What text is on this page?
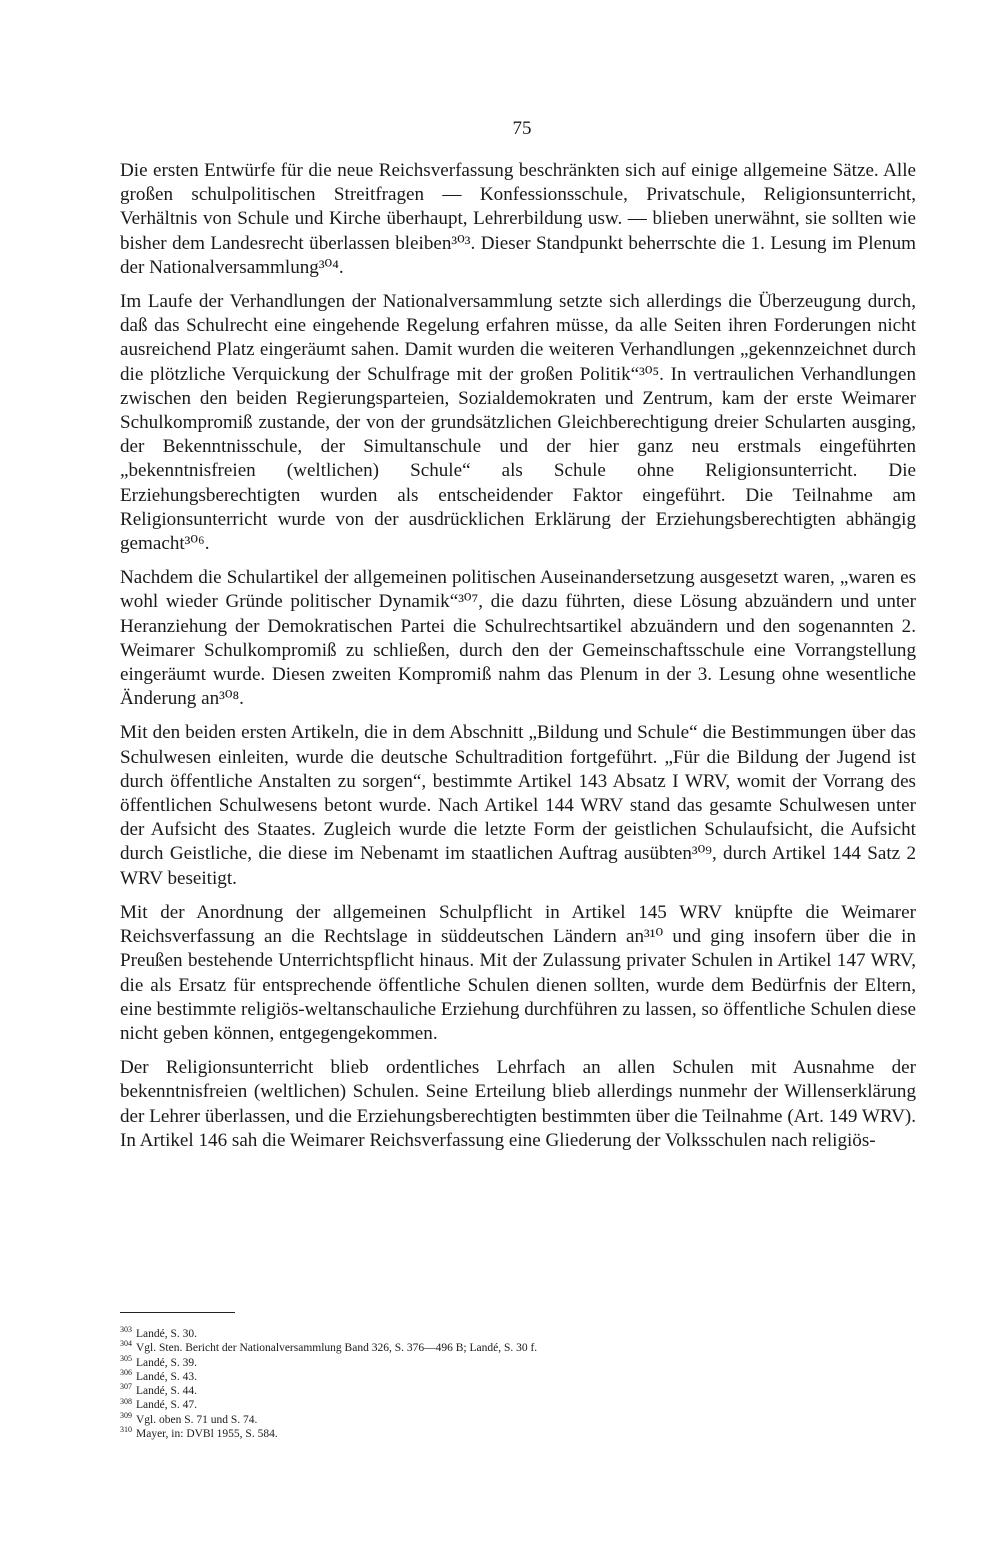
75

Die ersten Entwürfe für die neue Reichsverfassung beschränkten sich auf einige allgemeine Sätze. Alle großen schulpolitischen Streitfragen — Konfessionsschule, Privatschule, Religionsunterricht, Verhältnis von Schule und Kirche überhaupt, Lehrerbildung usw. — blieben unerwähnt, sie sollten wie bisher dem Landesrecht überlassen bleiben³⁰³. Dieser Standpunkt beherrschte die 1. Lesung im Plenum der Nationalversammlung³⁰⁴.

Im Laufe der Verhandlungen der Nationalversammlung setzte sich allerdings die Überzeugung durch, daß das Schulrecht eine eingehende Regelung erfahren müsse, da alle Seiten ihren Forderungen nicht ausreichend Platz eingeräumt sahen. Damit wurden die weiteren Verhandlungen „gekennzeichnet durch die plötzliche Verquickung der Schulfrage mit der großen Politik“³⁰⁵. In vertraulichen Verhandlungen zwischen den beiden Regierungsparteien, Sozialdemokraten und Zentrum, kam der erste Weimarer Schulkompromiß zustande, der von der grundsätzlichen Gleichberechtigung dreier Schularten ausging, der Bekenntnisschule, der Simultanschule und der hier ganz neu erstmals eingeführten „bekenntnisfreien (weltlichen) Schule“ als Schule ohne Religionsunterricht. Die Erziehungsberechtigten wurden als entscheidender Faktor eingeführt. Die Teilnahme am Religionsunterricht wurde von der ausdrücklichen Erklärung der Erziehungsberechtigten abhängig gemacht³⁰⁶.

Nachdem die Schulartikel der allgemeinen politischen Auseinandersetzung ausgesetzt waren, „waren es wohl wieder Gründe politischer Dynamik“³⁰⁷, die dazu führten, diese Lösung abzuändern und unter Heranziehung der Demokratischen Partei die Schulrechtsartikel abzuändern und den sogenannten 2. Weimarer Schulkompromiß zu schließen, durch den der Gemeinschaftsschule eine Vorrangstellung eingeräumt wurde. Diesen zweiten Kompromiß nahm das Plenum in der 3. Lesung ohne wesentliche Änderung an³⁰⁸.

Mit den beiden ersten Artikeln, die in dem Abschnitt „Bildung und Schule“ die Bestimmungen über das Schulwesen einleiten, wurde die deutsche Schultradition fortgeführt. „Für die Bildung der Jugend ist durch öffentliche Anstalten zu sorgen“, bestimmte Artikel 143 Absatz I WRV, womit der Vorrang des öffentlichen Schulwesens betont wurde. Nach Artikel 144 WRV stand das gesamte Schulwesen unter der Aufsicht des Staates. Zugleich wurde die letzte Form der geistlichen Schulaufsicht, die Aufsicht durch Geistliche, die diese im Nebenamt im staatlichen Auftrag ausübten³⁰⁹, durch Artikel 144 Satz 2 WRV beseitigt.

Mit der Anordnung der allgemeinen Schulpflicht in Artikel 145 WRV knüpfte die Weimarer Reichsverfassung an die Rechtslage in süddeutschen Ländern an³¹⁰ und ging insofern über die in Preußen bestehende Unterrichtspflicht hinaus. Mit der Zulassung privater Schulen in Artikel 147 WRV, die als Ersatz für entsprechende öffentliche Schulen dienen sollten, wurde dem Bedürfnis der Eltern, eine bestimmte religiös-weltanschauliche Erziehung durchführen zu lassen, so öffentliche Schulen diese nicht geben können, entgegengekommen.

Der Religionsunterricht blieb ordentliches Lehrfach an allen Schulen mit Ausnahme der bekenntnisfreien (weltlichen) Schulen. Seine Erteilung blieb allerdings nunmehr der Willenserklärung der Lehrer überlassen, und die Erziehungsberechtigten bestimmten über die Teilnahme (Art. 149 WRV). In Artikel 146 sah die Weimarer Reichsverfassung eine Gliederung der Volksschulen nach religiös-

$^{303}$ Landé, S. 30.
$^{304}$ Vgl. Sten. Bericht der Nationalversammlung Band 326, S. 376—496 B; Landé, S. 30 f.
$^{305}$ Landé, S. 39.
$^{306}$ Landé, S. 43.
$^{307}$ Landé, S. 44.
$^{308}$ Landé, S. 47.
$^{309}$ Vgl. oben S. 71 und S. 74.
$^{310}$ Mayer, in: DVBl 1955, S. 584.
